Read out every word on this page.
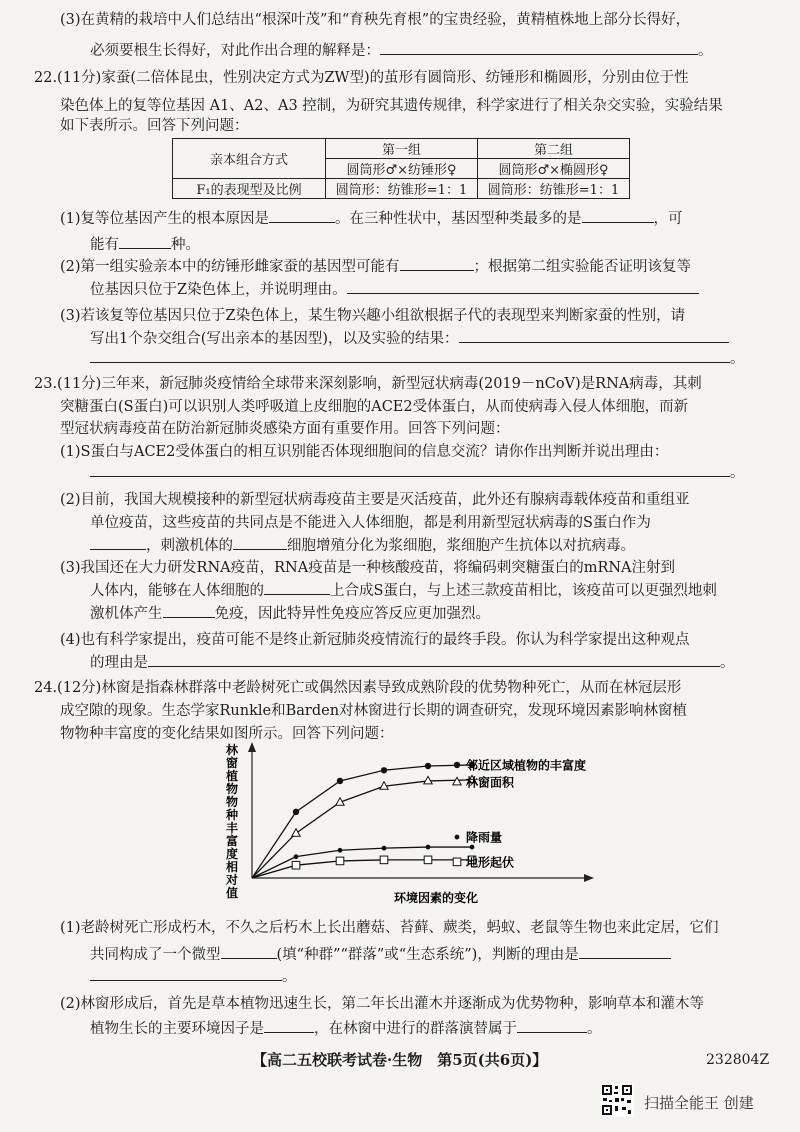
(3)在黄精的栽培中人们总结出“根深叶茂”和“育秧先育根”的宝贵经验，黄精植株地上部分长得好，
必须要根生长得好，对此作出合理的解释是：	。
22.(11分)家蚕(二倍体昆虫，性别决定方式为ZW型)的茧形有圆筒形、纺锤形和椭圆形，分别由位于性
染色体上的复等位基因 A1、A2、A3 控制，为研究其遗传规律，科学家进行了相关杂交实验，实验结果
如下表所示。回答下列问题：
亲本组合方式	第一组	第二组
	圆筒形♂×纺锤形♀	圆筒形♂×椭圆形♀
F₁的表现型及比例	圆筒形：纺锥形=1：1	圆筒形：纺锥形=1：1
(1)复等位基因产生的根本原因是	。在三种性状中，基因型种类最多的是	，可
能有	种。
(2)第一组实验亲本中的纺锤形雌家蚕的基因型可能有	；根据第二组实验能否证明该复等
位基因只位于Z染色体上，并说明理由。
(3)若该复等位基因只位于Z染色体上，某生物兴趣小组欲根据子代的表现型来判断家蚕的性别，请
写出1个杂交组合(写出亲本的基因型)，以及实验的结果：
。
23.(11分)三年来，新冠肺炎疫情给全球带来深刻影响，新型冠状病毒(2019－nCoV)是RNA病毒，其刺
突糖蛋白(S蛋白)可以识别人类呼吸道上皮细胞的ACE2受体蛋白，从而使病毒入侵人体细胞，而新
型冠状病毒疫苗在防治新冠肺炎感染方面有重要作用。回答下列问题：
(1)S蛋白与ACE2受体蛋白的相互识别能否体现细胞间的信息交流？请你作出判断并说出理由：
。
(2)目前，我国大规模接种的新型冠状病毒疫苗主要是灭活疫苗，此外还有腺病毒载体疫苗和重组亚
单位疫苗，这些疫苗的共同点是不能进入人体细胞，都是利用新型冠状病毒的S蛋白作为
，刺激机体的	细胞增殖分化为浆细胞，浆细胞产生抗体以对抗病毒。
(3)我国还在大力研发RNA疫苗，RNA疫苗是一种核酸疫苗，将编码刺突糖蛋白的mRNA注射到
人体内，能够在人体细胞的	上合成S蛋白，与上述三款疫苗相比，该疫苗可以更强烈地刺
激机体产生	免疫，因此特异性免疫应答反应更加强烈。
(4)也有科学家提出，疫苗可能不是终止新冠肺炎疫情流行的最终手段。你认为科学家提出这种观点
的理由是	。
24.(12分)林窗是指森林群落中老龄树死亡或偶然因素导致成熟阶段的优势物种死亡，从而在林冠层形
成空隙的现象。生态学家Runkle和Barden对林窗进行长期的调查研究，发现环境因素影响林窗植
物物种丰富度的变化结果如图所示。回答下列问题：
林窗植物物种丰富度相对值
邻近区域植物的丰富度
林窗面积
降雨量
地形起伏
环境因素的变化
(1)老龄树死亡形成朽木，不久之后朽木上长出蘑菇、苔藓、蕨类，蚂蚁、老鼠等生物也来此定居，它们
共同构成了一个微型	(填“种群”“群落”或“生态系统”)，判断的理由是
。
(2)林窗形成后，首先是草本植物迅速生长，第二年长出灌木并逐渐成为优势物种，影响草本和灌木等
植物生长的主要环境因子是	，在林窗中进行的群落演替属于	。
【高二五校联考试卷·生物　第5页(共6页)】	232804Z
扫描全能王 创建
